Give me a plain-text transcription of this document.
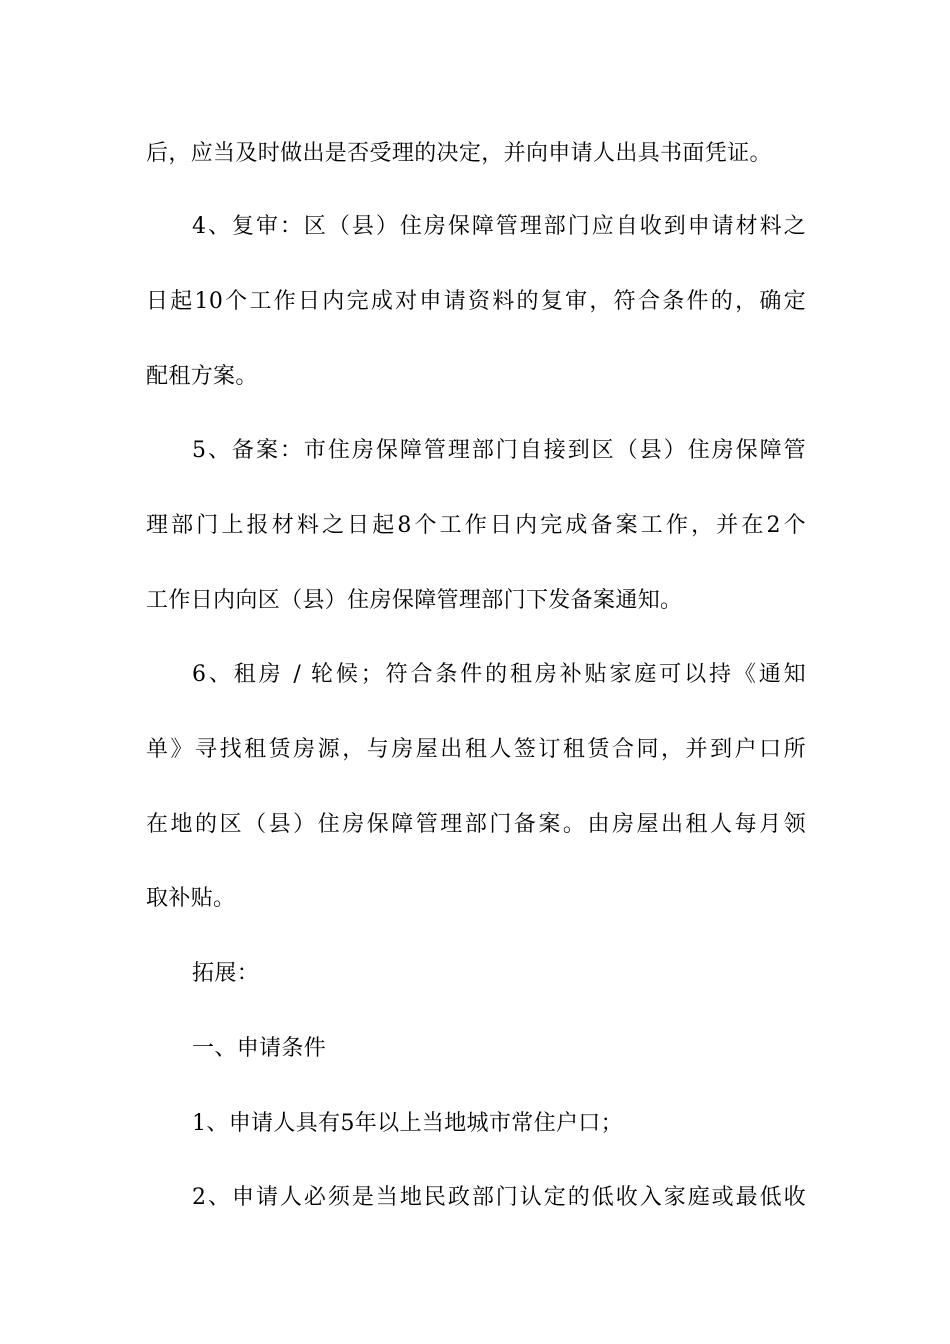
后，应当及时做出是否受理的决定，并向申请人出具书面凭证。
4、复审：区（县）住房保障管理部门应自收到申请材料之
日起10个工作日内完成对申请资料的复审，符合条件的，确定
配租方案。
5、备案：市住房保障管理部门自接到区（县）住房保障管
理部门上报材料之日起8个工作日内完成备案工作，并在2个
工作日内向区（县）住房保障管理部门下发备案通知。
6、租房 / 轮候；符合条件的租房补贴家庭可以持《通知
单》寻找租赁房源，与房屋出租人签订租赁合同，并到户口所
在地的区（县）住房保障管理部门备案。由房屋出租人每月领
取补贴。
拓展：
一、申请条件
1、申请人具有5年以上当地城市常住户口；
2、申请人必须是当地民政部门认定的低收入家庭或最低收
